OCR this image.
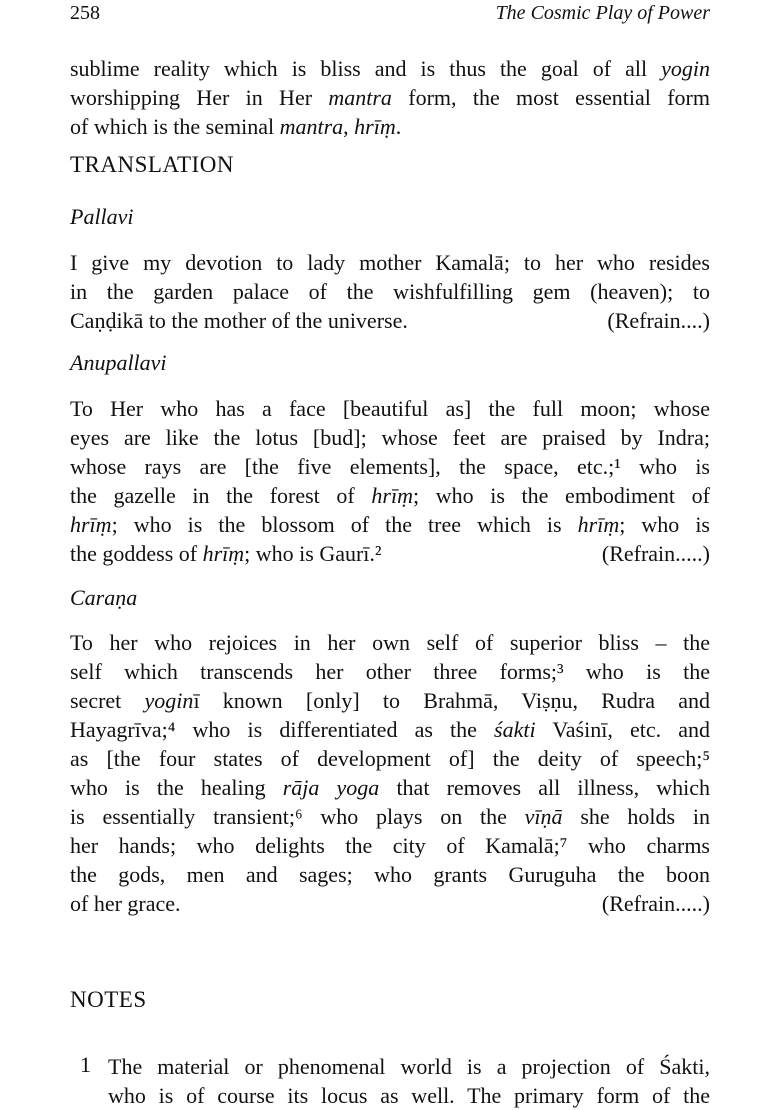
258	The Cosmic Play of Power
sublime reality which is bliss and is thus the goal of all yogin
worshipping Her in Her mantra form, the most essential form
of which is the seminal mantra, hrīṃ.
TRANSLATION
Pallavi
I give my devotion to lady mother Kamalā; to her who resides
in the garden palace of the wishfulfilling gem (heaven); to
Caṇḍikā to the mother of the universe.	(Refrain....)
Anupallavi
To Her who has a face [beautiful as] the full moon; whose
eyes are like the lotus [bud]; whose feet are praised by Indra;
whose rays are [the five elements], the space, etc.;¹ who is
the gazelle in the forest of hrīṃ; who is the embodiment of
hrīṃ; who is the blossom of the tree which is hrīṃ; who is
the goddess of hrīṃ; who is Gaurī.²	(Refrain.....)
Caraṇa
To her who rejoices in her own self of superior bliss – the
self which transcends her other three forms;³ who is the
secret yoginī known [only] to Brahmā, Viṣṇu, Rudra and
Hayagrīva;⁴ who is differentiated as the śakti Vaśinī, etc. and
as [the four states of development of] the deity of speech;⁵
who is the healing rāja yoga that removes all illness, which
is essentially transient;⁶ who plays on the vīṇā she holds in
her hands; who delights the city of Kamalā;⁷ who charms
the gods, men and sages; who grants Guruguha the boon
of her grace.	(Refrain.....)
NOTES
1 The material or phenomenal world is a projection of Śakti,
who is of course its locus as well. The primary form of the
